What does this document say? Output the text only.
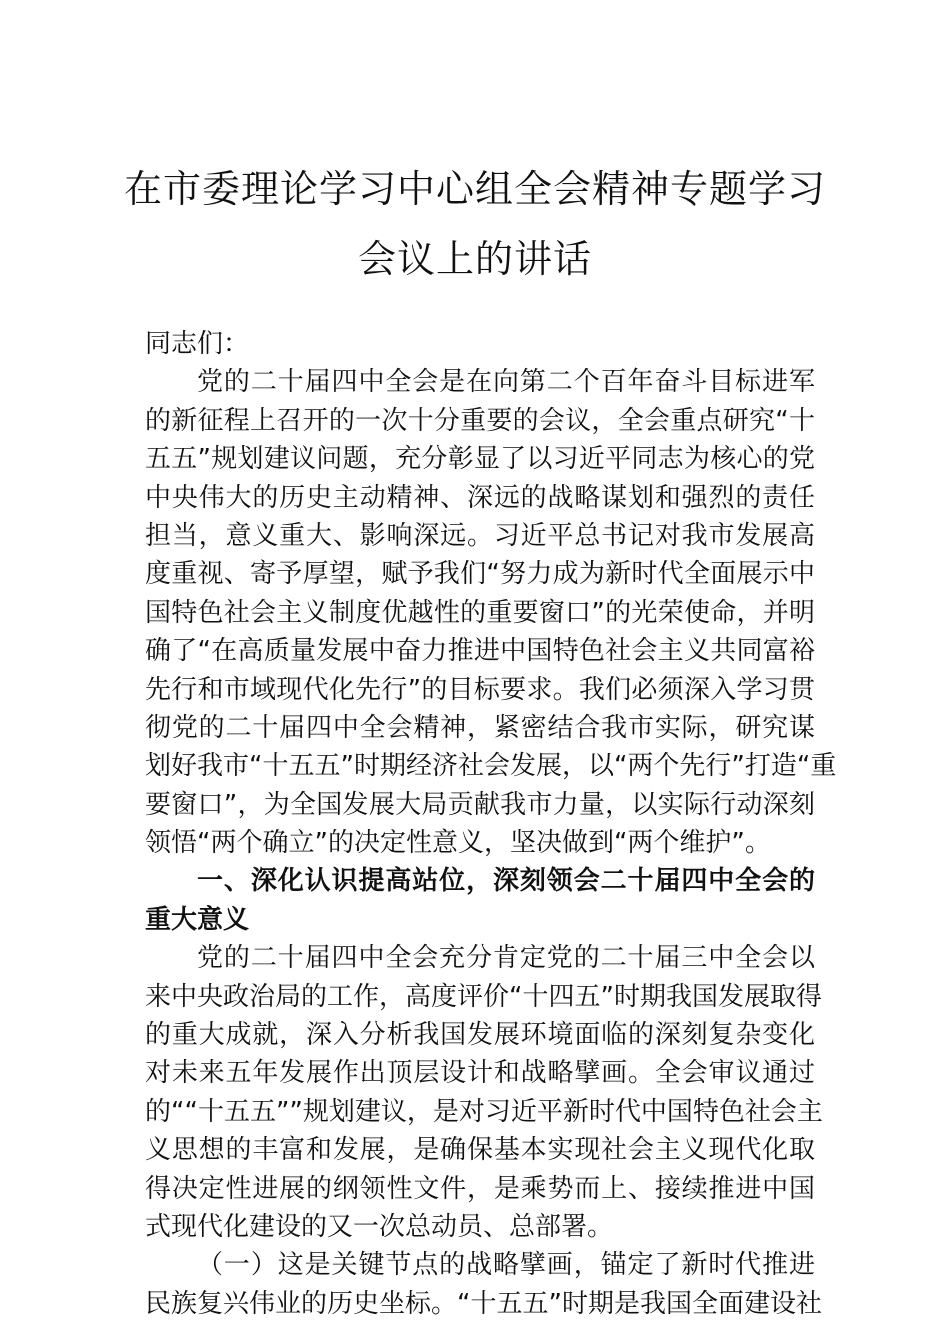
在市委理论学习中心组全会精神专题学习
会议上的讲话
同志们：
党的二十届四中全会是在向第二个百年奋斗目标进军
的新征程上召开的一次十分重要的会议，全会重点研究“十
五五”规划建议问题，充分彰显了以习近平同志为核心的党
中央伟大的历史主动精神、深远的战略谋划和强烈的责任
担当，意义重大、影响深远。习近平总书记对我市发展高
度重视、寄予厚望，赋予我们“努力成为新时代全面展示中
国特色社会主义制度优越性的重要窗口”的光荣使命，并明
确了“在高质量发展中奋力推进中国特色社会主义共同富裕
先行和市域现代化先行”的目标要求。我们必须深入学习贯
彻党的二十届四中全会精神，紧密结合我市实际，研究谋
划好我市“十五五”时期经济社会发展，以“两个先行”打造“重
要窗口”，为全国发展大局贡献我市力量，以实际行动深刻
领悟“两个确立”的决定性意义，坚决做到“两个维护”。
一、深化认识提高站位，深刻领会二十届四中全会的
重大意义
党的二十届四中全会充分肯定党的二十届三中全会以
来中央政治局的工作，高度评价“十四五”时期我国发展取得
的重大成就，深入分析我国发展环境面临的深刻复杂变化
对未来五年发展作出顶层设计和战略擘画。全会审议通过
的““十五五””规划建议，是对习近平新时代中国特色社会主
义思想的丰富和发展，是确保基本实现社会主义现代化取
得决定性进展的纲领性文件，是乘势而上、接续推进中国
式现代化建设的又一次总动员、总部署。
（一）这是关键节点的战略擘画，锚定了新时代推进
民族复兴伟业的历史坐标。“十五五”时期是我国全面建设社
